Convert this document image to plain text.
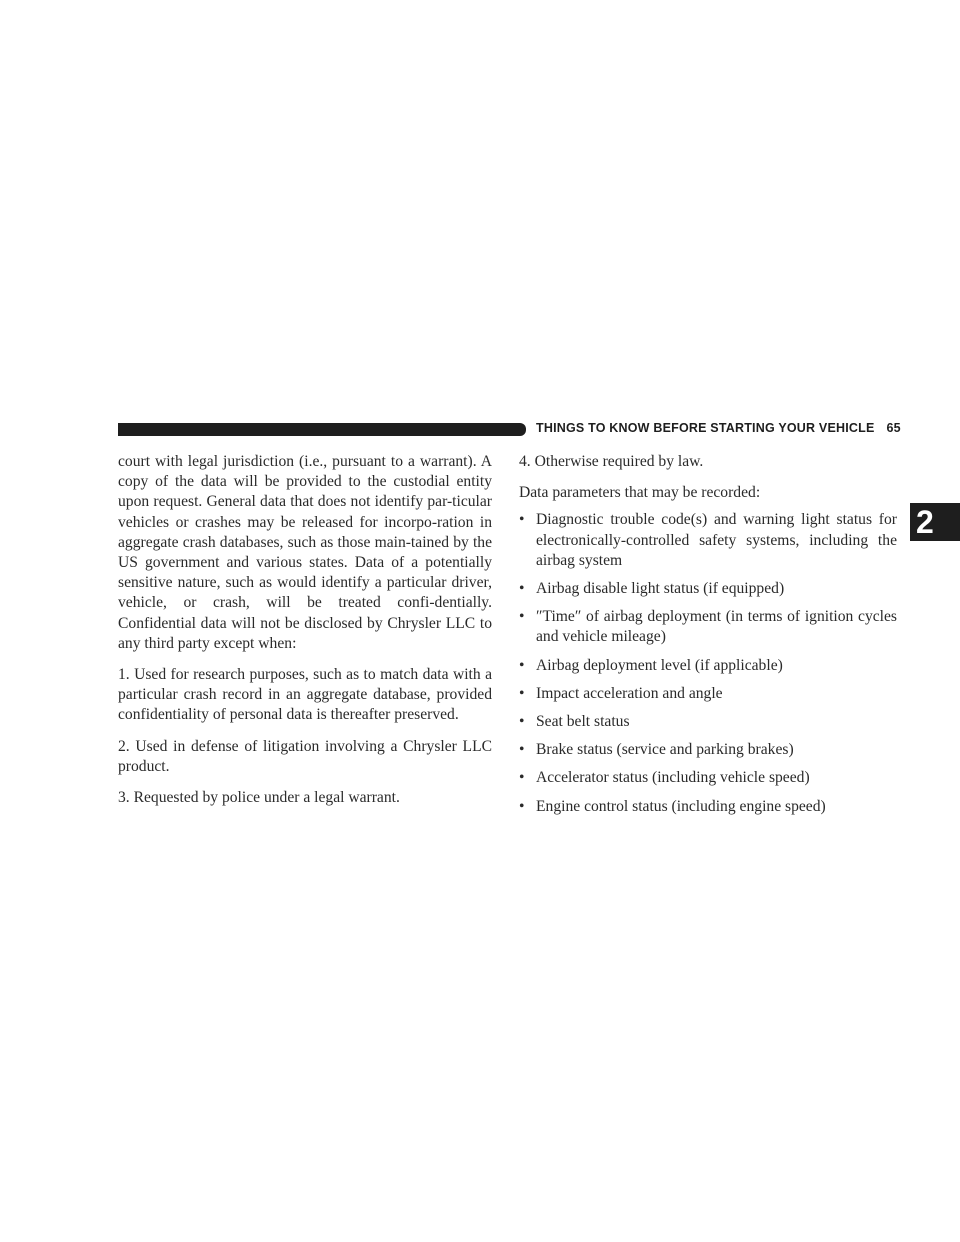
THINGS TO KNOW BEFORE STARTING YOUR VEHICLE 65
2

court with legal jurisdiction (i.e., pursuant to a warrant). A copy of the data will be provided to the custodial entity upon request. General data that does not identify par-ticular vehicles or crashes may be released for incorpo-ration in aggregate crash databases, such as those main-tained by the US government and various states. Data of a potentially sensitive nature, such as would identify a particular driver, vehicle, or crash, will be treated confi-dentially. Confidential data will not be disclosed by Chrysler LLC to any third party except when:

1. Used for research purposes, such as to match data with a particular crash record in an aggregate database, provided confidentiality of personal data is thereafter preserved.

2. Used in defense of litigation involving a Chrysler LLC product.

3. Requested by police under a legal warrant.

4. Otherwise required by law.

Data parameters that may be recorded:

• Diagnostic trouble code(s) and warning light status for electronically-controlled safety systems, including the airbag system
• Airbag disable light status (if equipped)
• ″Time″ of airbag deployment (in terms of ignition cycles and vehicle mileage)
• Airbag deployment level (if applicable)
• Impact acceleration and angle
• Seat belt status
• Brake status (service and parking brakes)
• Accelerator status (including vehicle speed)
• Engine control status (including engine speed)
